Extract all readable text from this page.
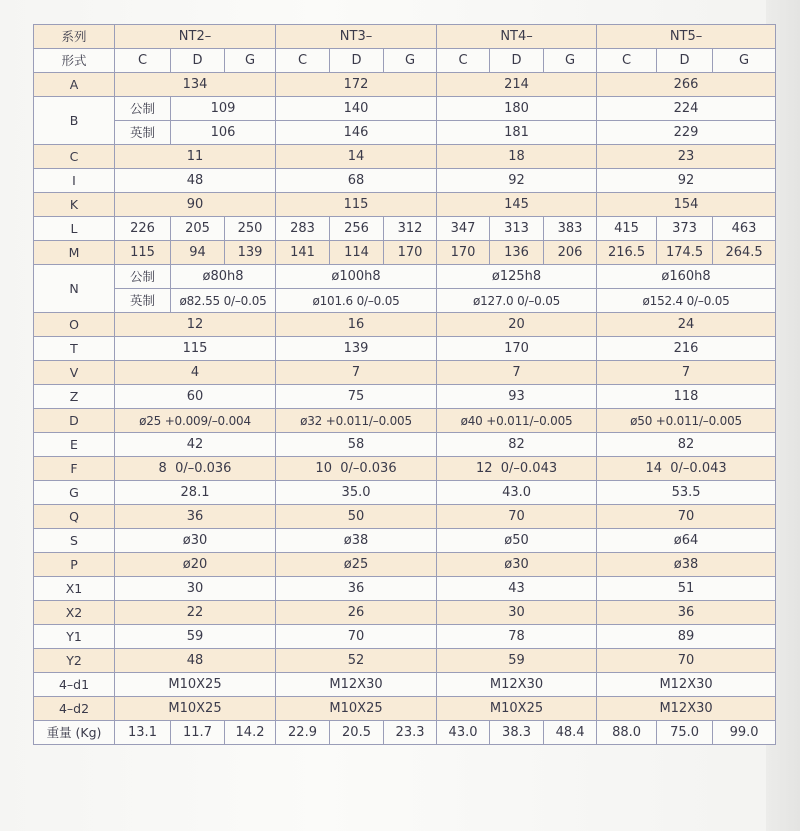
系列	NT2–			NT3–			NT4–			NT5–		
形式	C	D	G	C	D	G	C	D	G	C	D	G
A	134			172			214			266		
B	公制	109		140			180			224		
	英制	106		146			181			229		
C	11			14			18			23		
I	48			68			92			92		
K	90			115			145			154		
L	226	205	250	283	256	312	347	313	383	415	373	463
M	115	94	139	141	114	170	170	136	206	216.5	174.5	264.5
N	公制	ø80h8		ø100h8			ø125h8			ø160h8		
	英制	ø82.55 0/–0.05		ø101.6 0/–0.05			ø127.0 0/–0.05			ø152.4 0/–0.05		
O	12			16			20			24		
T	115			139			170			216		
V	4			7			7			7		
Z	60			75			93			118		
D	ø25 +0.009/–0.004			ø32 +0.011/–0.005			ø40 +0.011/–0.005			ø50 +0.011/–0.005		
E	42			58			82			82		
F	8  0/–0.036			10  0/–0.036			12  0/–0.043			14  0/–0.043		
G	28.1			35.0			43.0			53.5		
Q	36			50			70			70		
S	ø30			ø38			ø50			ø64		
P	ø20			ø25			ø30			ø38		
X1	30			36			43			51		
X2	22			26			30			36		
Y1	59			70			78			89		
Y2	48			52			59			70		
4–d1	M10X25			M12X30			M12X30			M12X30		
4–d2	M10X25			M10X25			M10X25			M12X30		
重量 (Kg)	13.1	11.7	14.2	22.9	20.5	23.3	43.0	38.3	48.4	88.0	75.0	99.0
